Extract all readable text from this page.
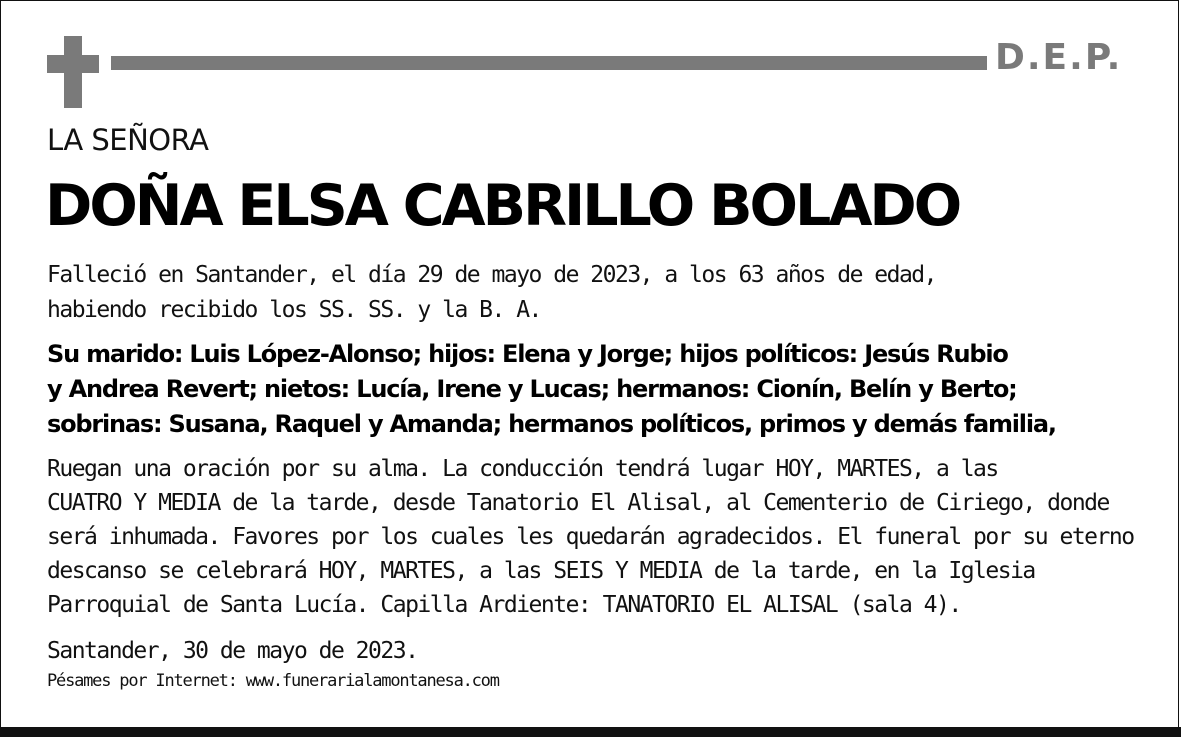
D.E.P.
LA SEÑORA
DOÑA ELSA CABRILLO BOLADO
Falleció en Santander, el día 29 de mayo de 2023, a los 63 años de edad,
habiendo recibido los SS. SS. y la B. A.
Su marido: Luis López-Alonso; hijos: Elena y Jorge; hijos políticos: Jesús Rubio
y Andrea Revert; nietos: Lucía, Irene y Lucas; hermanos: Cionín, Belín y Berto;
sobrinas: Susana, Raquel y Amanda; hermanos políticos, primos y demás familia,
Ruegan una oración por su alma. La conducción tendrá lugar HOY, MARTES, a las
CUATRO Y MEDIA de la tarde, desde Tanatorio El Alisal, al Cementerio de Ciriego, donde
será inhumada. Favores por los cuales les quedarán agradecidos. El funeral por su eterno
descanso se celebrará HOY, MARTES, a las SEIS Y MEDIA de la tarde, en la Iglesia
Parroquial de Santa Lucía. Capilla Ardiente: TANATORIO EL ALISAL (sala 4).
Santander, 30 de mayo de 2023.
Pésames por Internet: www.funerarialamontanesa.com
